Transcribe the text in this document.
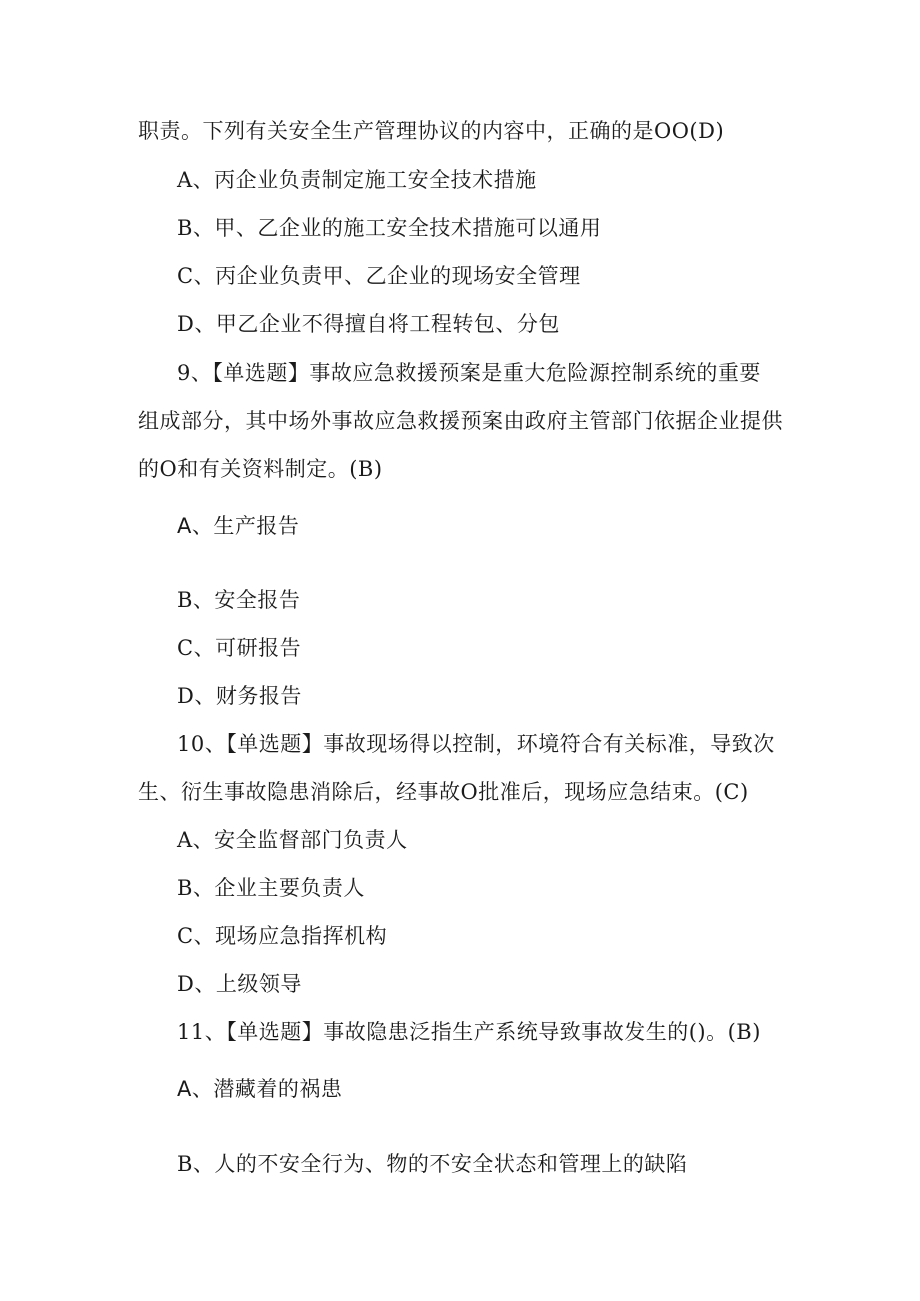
职责。下列有关安全生产管理协议的内容中，正确的是OO(D)
A、丙企业负责制定施工安全技术措施
B、甲、乙企业的施工安全技术措施可以通用
C、丙企业负责甲、乙企业的现场安全管理
D、甲乙企业不得擅自将工程转包、分包
9、【单选题】事故应急救援预案是重大危险源控制系统的重要
组成部分，其中场外事故应急救援预案由政府主管部门依据企业提供
的O和有关资料制定。(B)
A、生产报告
B、安全报告
C、可研报告
D、财务报告
10、【单选题】事故现场得以控制，环境符合有关标准，导致次
生、衍生事故隐患消除后，经事故O批准后，现场应急结束。(C)
A、安全监督部门负责人
B、企业主要负责人
C、现场应急指挥机构
D、上级领导
11、【单选题】事故隐患泛指生产系统导致事故发生的()。(B)
A、潜藏着的祸患
B、人的不安全行为、物的不安全状态和管理上的缺陷
